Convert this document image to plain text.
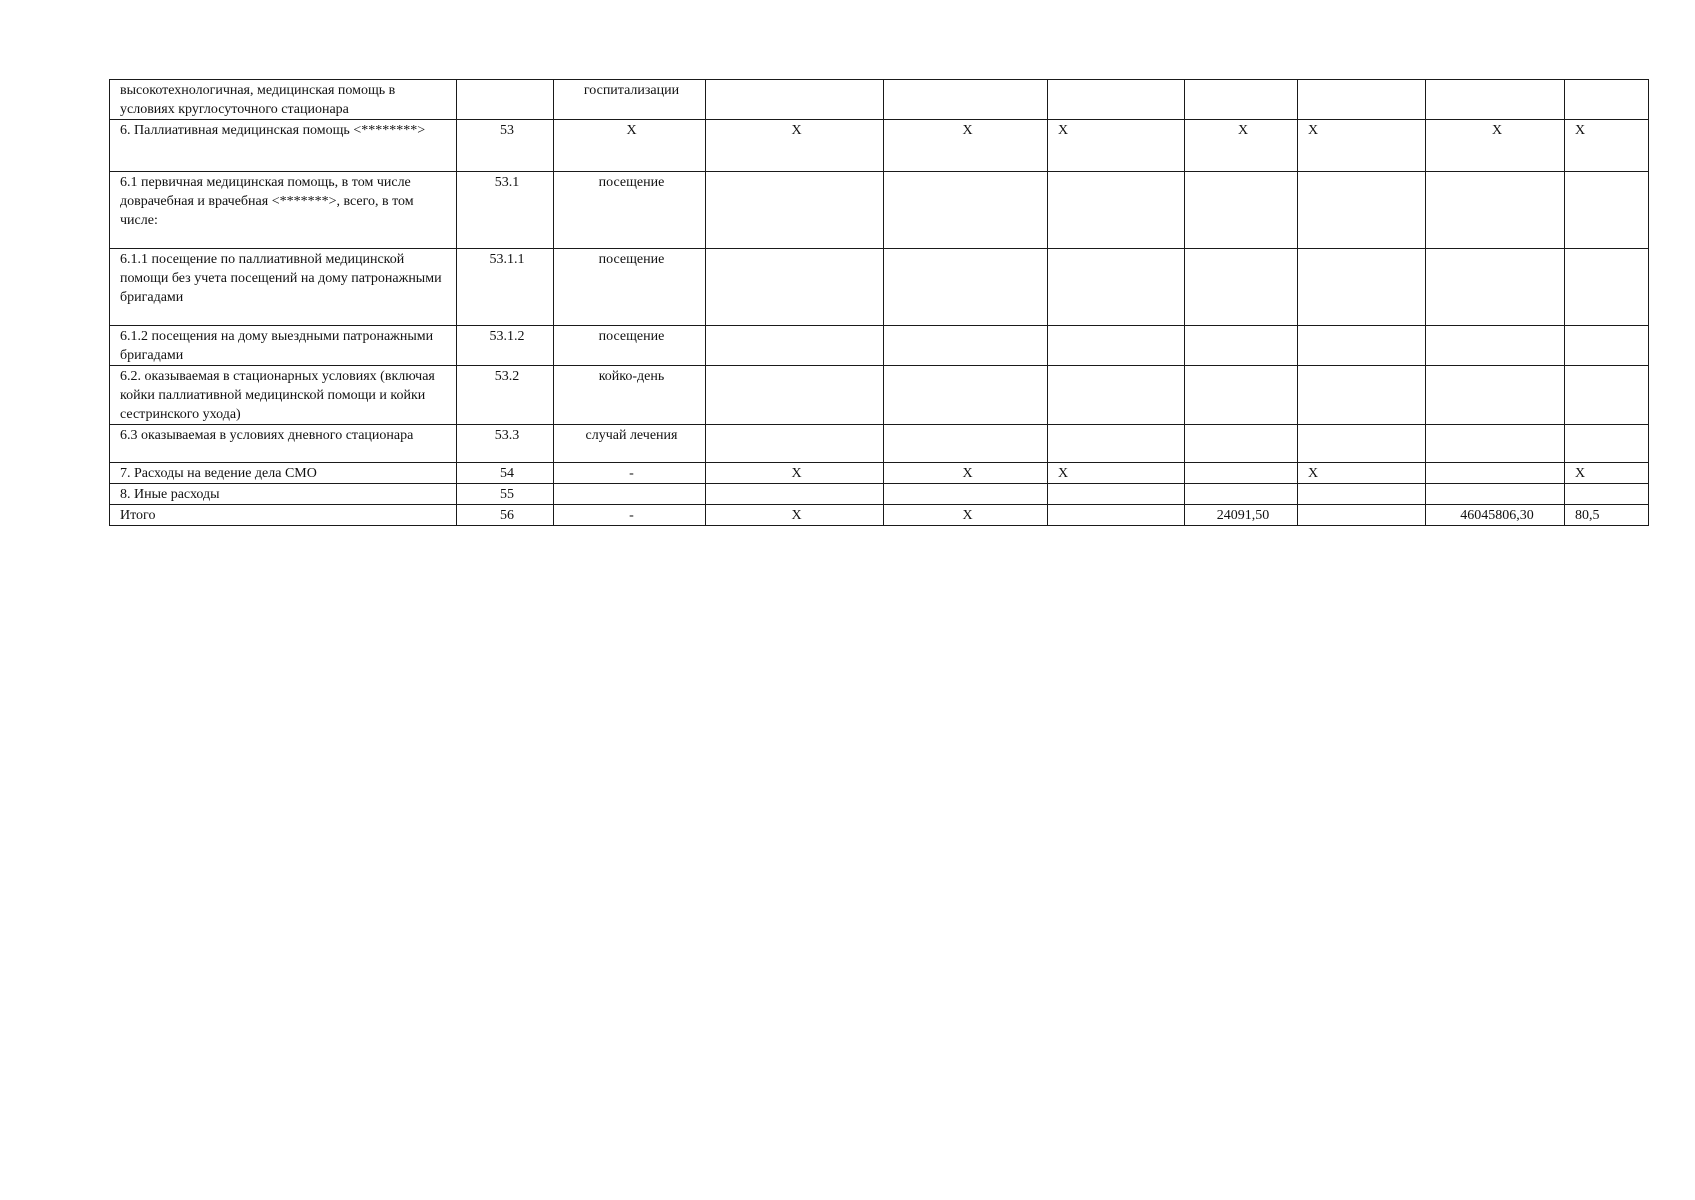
высокотехнологичная, медицинская помощь в условиях круглосуточного стационара		госпитализации							
6. Паллиативная медицинская помощь <********>	53	X	X	X	X	X	X	X	X
6.1 первичная медицинская помощь, в том числе доврачебная и врачебная <*******>, всего, в том числе:	53.1	посещение							
6.1.1 посещение по паллиативной медицинской помощи без учета посещений на дому патронажными бригадами	53.1.1	посещение							
6.1.2 посещения на дому выездными патронажными бригадами	53.1.2	посещение							
6.2. оказываемая в стационарных условиях (включая койки паллиативной медицинской помощи и койки сестринского ухода)	53.2	койко-день							
6.3 оказываемая в условиях дневного стационара	53.3	случай лечения							
7. Расходы на ведение дела СМО	54	-	X	X	X		X		X
8. Иные расходы	55								
Итого	56	-	X	X		24091,50		46045806,30	80,5
